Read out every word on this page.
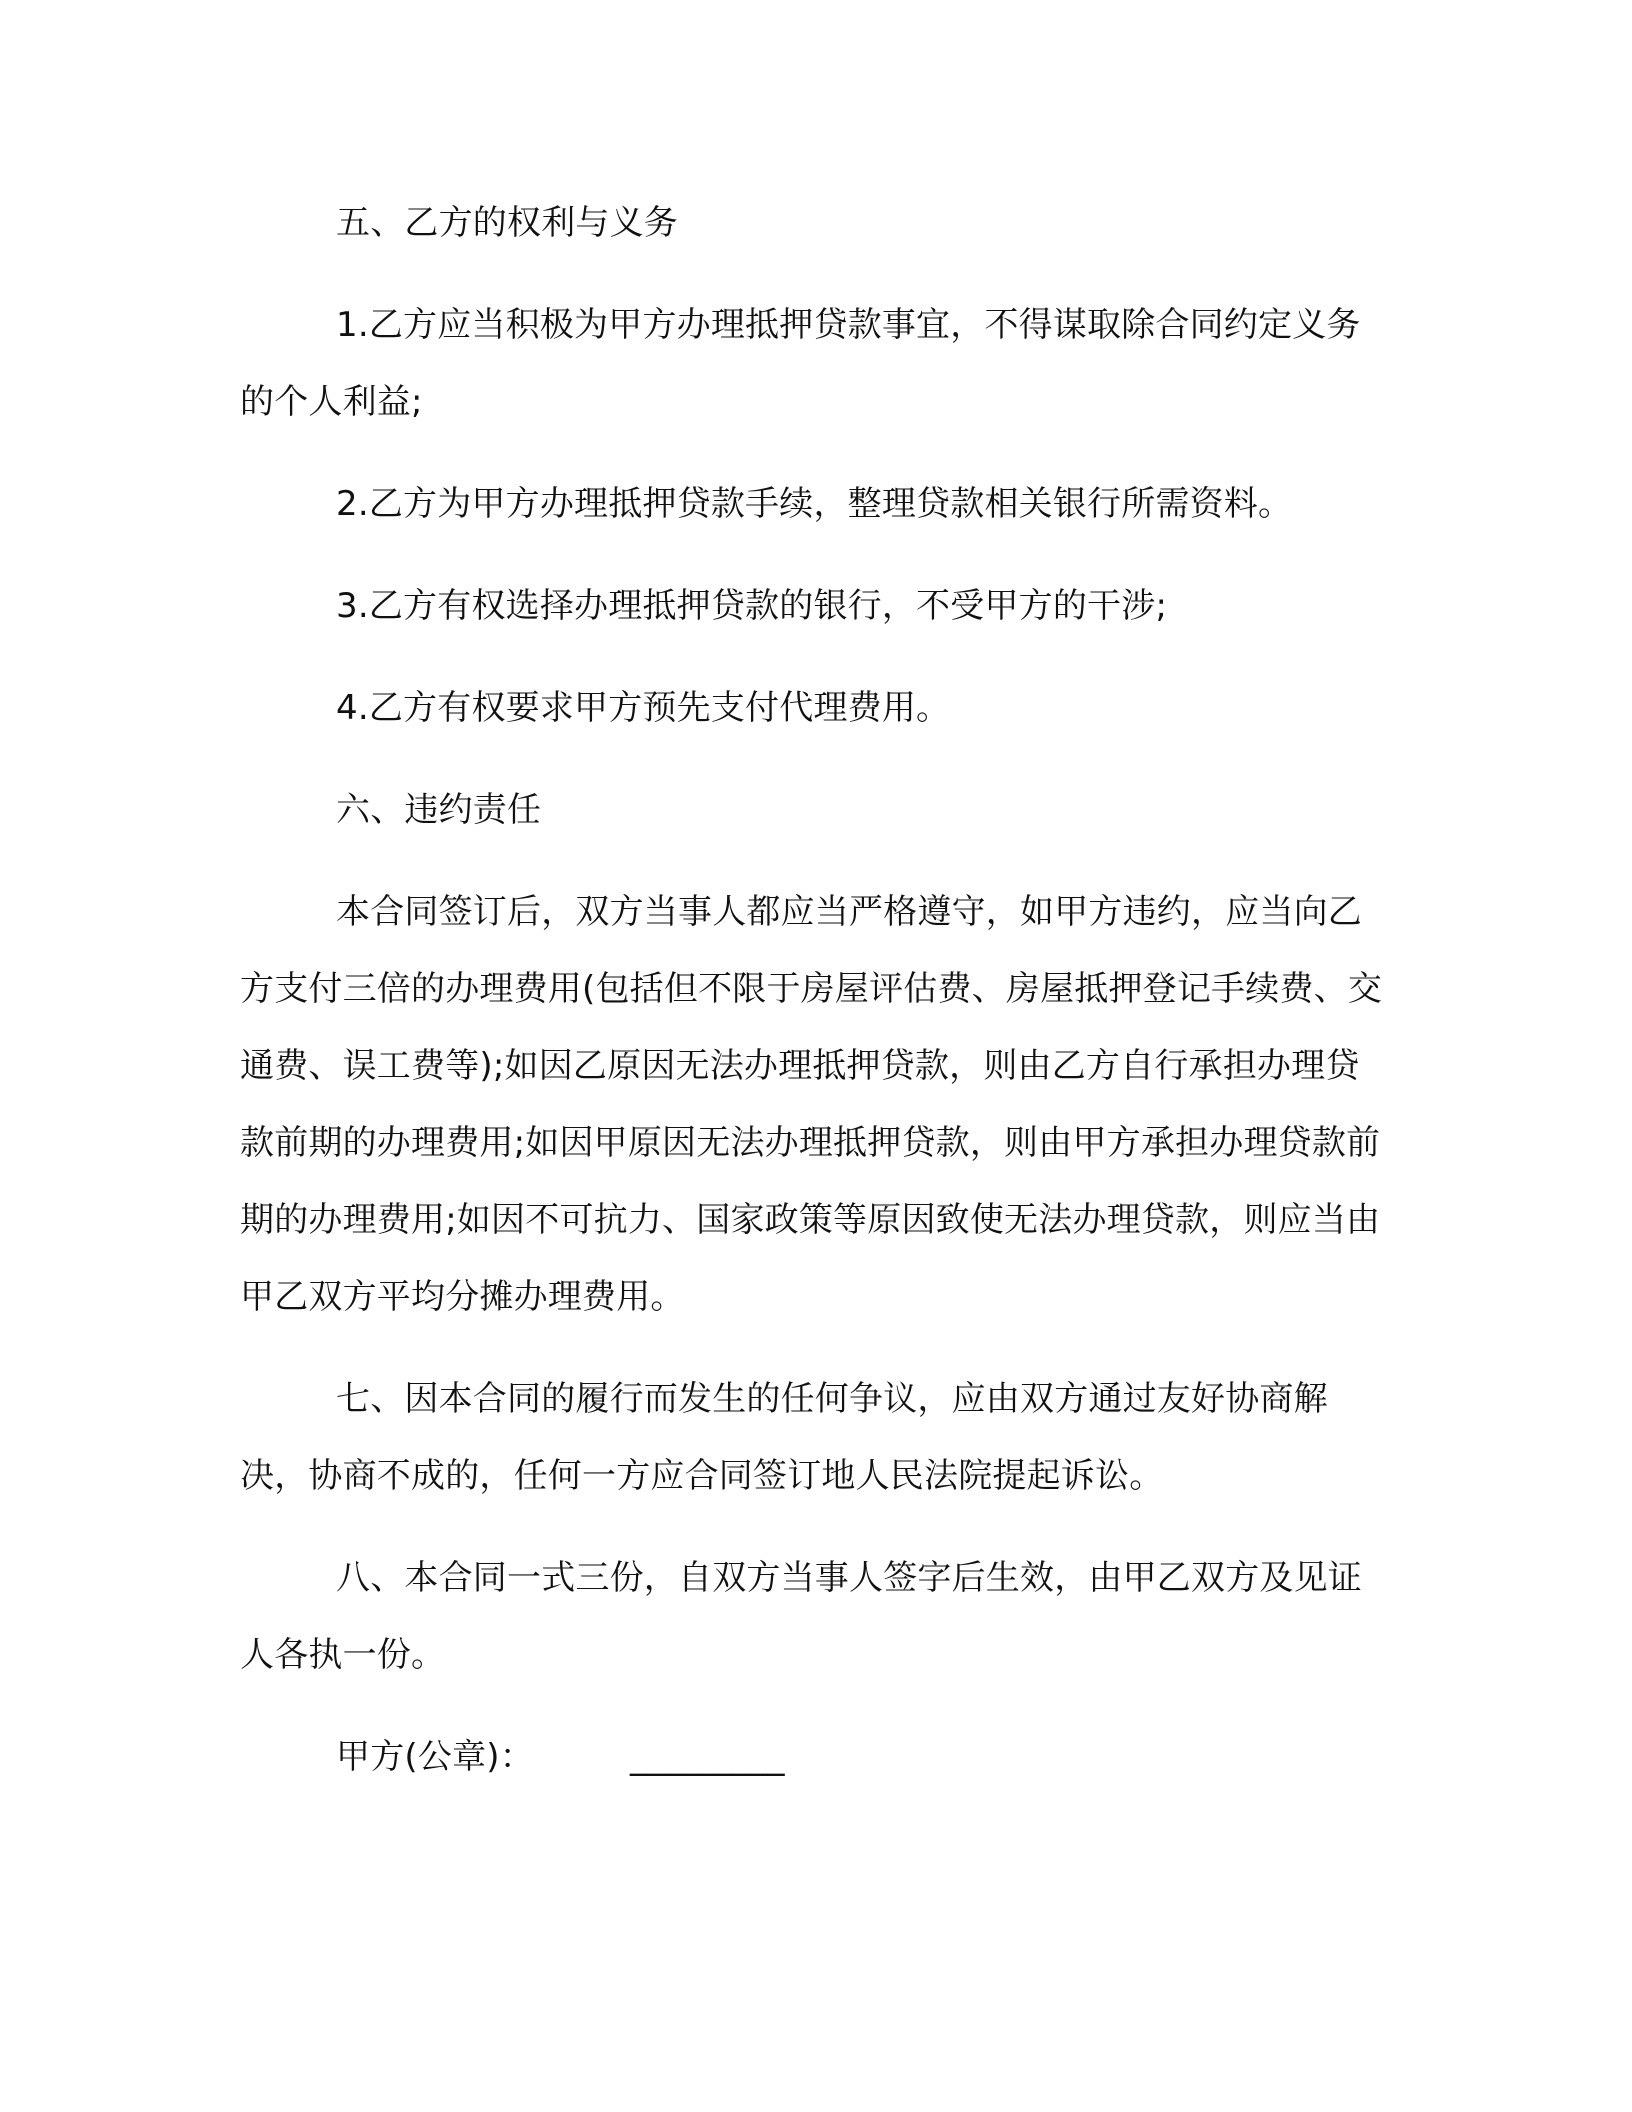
五、乙方的权利与义务

1.乙方应当积极为甲方办理抵押贷款事宜，不得谋取除合同约定义务的个人利益;

2.乙方为甲方办理抵押贷款手续，整理贷款相关银行所需资料。

3.乙方有权选择办理抵押贷款的银行，不受甲方的干涉;

4.乙方有权要求甲方预先支付代理费用。

六、违约责任

本合同签订后，双方当事人都应当严格遵守，如甲方违约，应当向乙方支付三倍的办理费用(包括但不限于房屋评估费、房屋抵押登记手续费、交通费、误工费等);如因乙原因无法办理抵押贷款，则由乙方自行承担办理贷款前期的办理费用;如因甲原因无法办理抵押贷款，则由甲方承担办理贷款前期的办理费用;如因不可抗力、国家政策等原因致使无法办理贷款，则应当由甲乙双方平均分摊办理费用。

七、因本合同的履行而发生的任何争议，应由双方通过友好协商解决，协商不成的，任何一方应合同签订地人民法院提起诉讼。

八、本合同一式三份，自双方当事人签字后生效，由甲乙双方及见证人各执一份。

甲方(公章)：	_________
